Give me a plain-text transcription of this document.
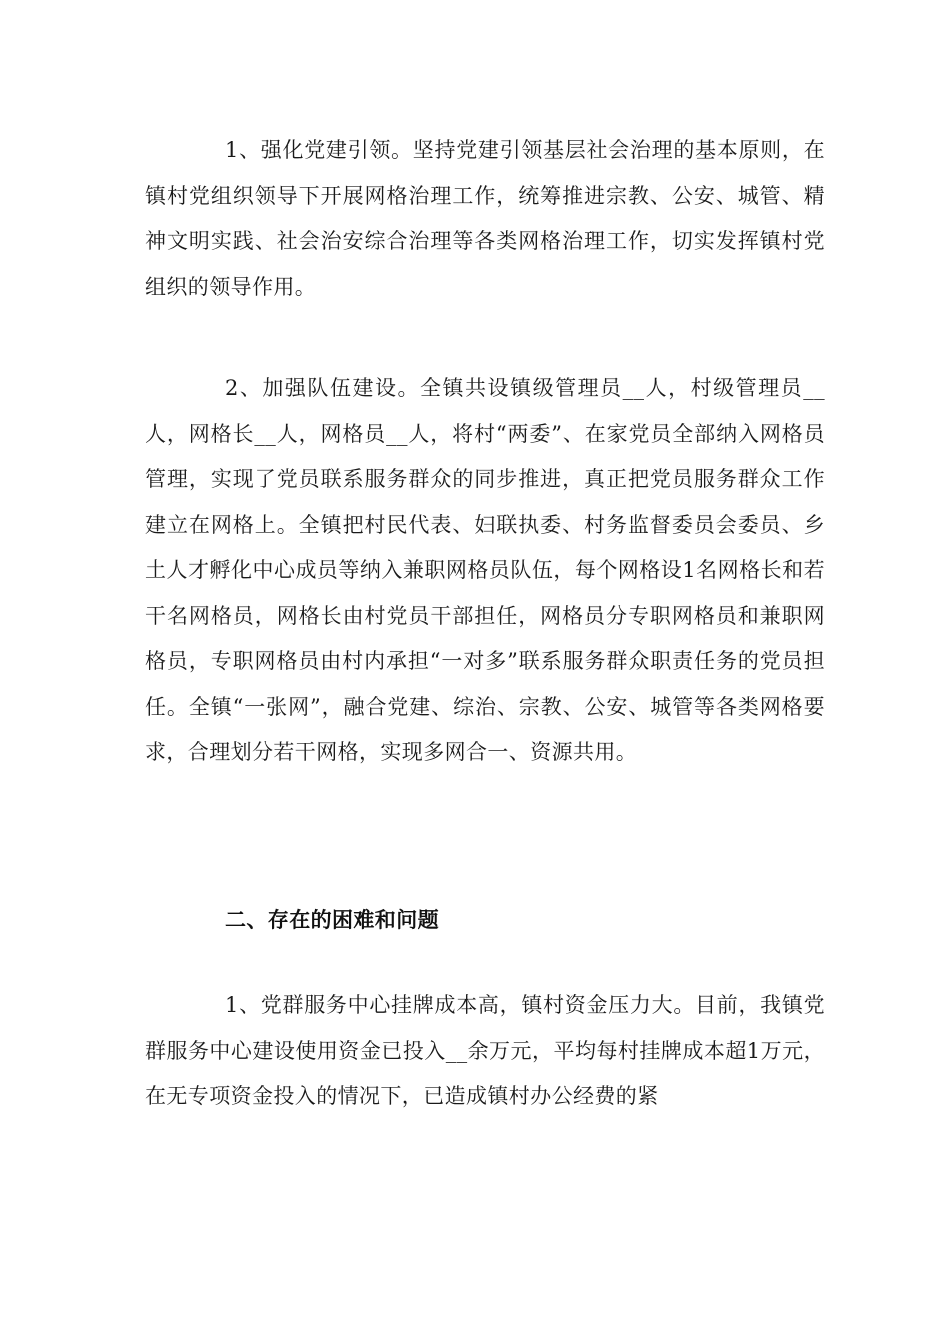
1、强化党建引领。坚持党建引领基层社会治理的基本原则，在镇村党组织领导下开展网格治理工作，统筹推进宗教、公安、城管、精神文明实践、社会治安综合治理等各类网格治理工作，切实发挥镇村党组织的领导作用。

2、加强队伍建设。全镇共设镇级管理员__人，村级管理员__人，网格长__人，网格员__人，将村“两委”、在家党员全部纳入网格员管理，实现了党员联系服务群众的同步推进，真正把党员服务群众工作建立在网格上。全镇把村民代表、妇联执委、村务监督委员会委员、乡土人才孵化中心成员等纳入兼职网格员队伍，每个网格设1名网格长和若干名网格员，网格长由村党员干部担任，网格员分专职网格员和兼职网格员，专职网格员由村内承担“一对多”联系服务群众职责任务的党员担任。全镇“一张网”，融合党建、综治、宗教、公安、城管等各类网格要求，合理划分若干网格，实现多网合一、资源共用。

二、存在的困难和问题

1、党群服务中心挂牌成本高，镇村资金压力大。目前，我镇党群服务中心建设使用资金已投入__余万元，平均每村挂牌成本超1万元，在无专项资金投入的情况下，已造成镇村办公经费的紧
